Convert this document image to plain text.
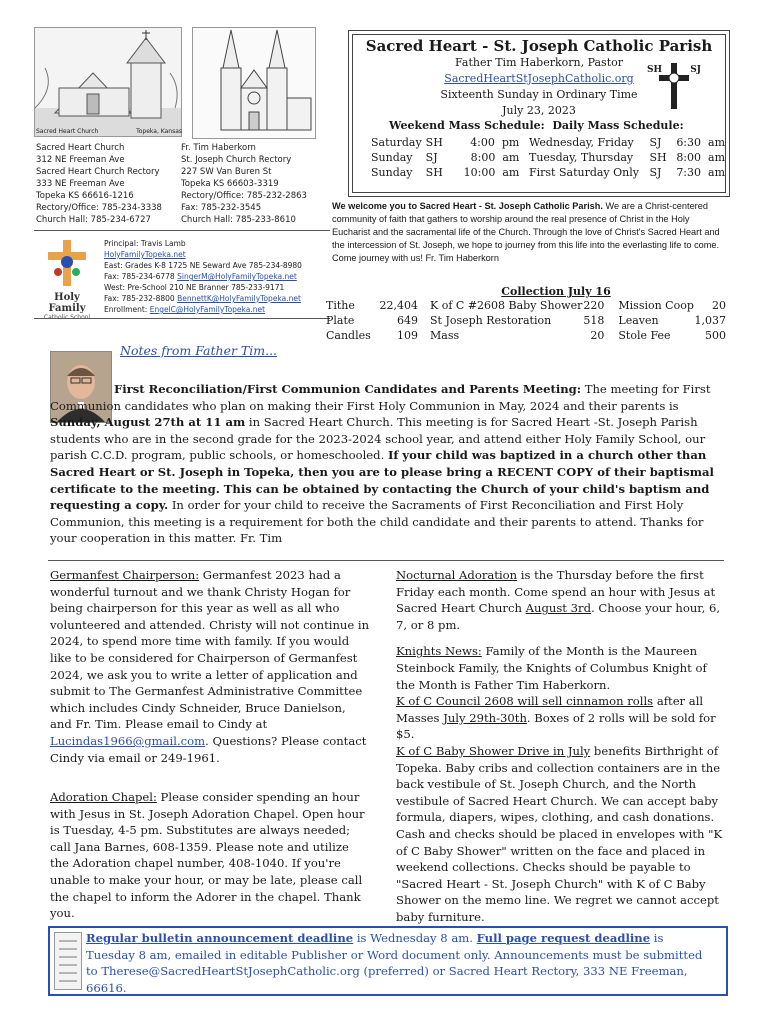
Sacred Heart Church	Topeka, Kansas
Sacred Heart Church
312 NE Freeman Ave
Sacred Heart Church Rectory
333 NE Freeman Ave
Topeka KS 66616-1216
Rectory/Office: 785-234-3338
Church Hall: 785-234-6727
Fr. Tim Haberkorn
St. Joseph Church Rectory
227 SW Van Buren St
Topeka KS 66603-3319
Rectory/Office: 785-232-2863
Fax: 785-232-3545
Church Hall: 785-233-8610
Holy Family
Catholic School
Principal: Travis Lamb
HolyFamilyTopeka.net
East: Grades K-8 1725 NE Seward Ave 785-234-8980
Fax: 785-234-6778 SingerM@HolyFamilyTopeka.net
West: Pre-School 210 NE Branner 785-233-9171
Fax: 785-232-8800 BennettK@HolyFamilyTopeka.net
Enrollment: EngelC@HolyFamilyTopeka.net
Sacred Heart - St. Joseph Catholic Parish
Father Tim Haberkorn, Pastor
SacredHeartStJosephCatholic.org
Sixteenth Sunday in Ordinary Time
July 23, 2023
SH	SJ
Weekend Mass Schedule:  Daily Mass Schedule:
Saturday	SH	4:00  pm
Sunday	SJ	8:00  am
Sunday	SH	10:00  am
Wednesday, Friday	SJ	6:30  am
Tuesday, Thursday	SH	8:00  am
First Saturday Only	SJ	7:30  am
We welcome you to Sacred Heart - St. Joseph Catholic Parish. We are a Christ-centered community of faith that gathers to worship around the real presence of Christ in the Holy Eucharist and the sacramental life of the Church. Through the love of Christ's Sacred Heart and the intercession of St. Joseph, we hope to journey from this life into the everlasting life to come. Come journey with us! Fr. Tim Haberkorn
Collection July 16
Tithe	22,404	K of C #2608 Baby Shower	220	Mission Coop	20
Plate	649	St Joseph Restoration	518	Leaven	1,037
Candles	109	Mass	20	Stole Fee	500
Notes from Father Tim...
First Reconciliation/First Communion Candidates and Parents Meeting: The meeting for First Communion candidates who plan on making their First Holy Communion in May, 2024 and their parents is Sunday, August 27th at 11 am in Sacred Heart Church. This meeting is for Sacred Heart -St. Joseph Parish students who are in the second grade for the 2023-2024 school year, and attend either Holy Family School, our parish C.C.D. program, public schools, or homeschooled. If your child was baptized in a church other than Sacred Heart or St. Joseph in Topeka, then you are to please bring a RECENT COPY of their baptismal certificate to the meeting. This can be obtained by contacting the Church of your child's baptism and requesting a copy. In order for your child to receive the Sacraments of First Reconciliation and First Holy Communion, this meeting is a requirement for both the child candidate and their parents to attend. Thanks for your cooperation in this matter. Fr. Tim
Germanfest Chairperson: Germanfest 2023 had a wonderful turnout and we thank Christy Hogan for being chairperson for this year as well as all who volunteered and attended. Christy will not continue in 2024, to spend more time with family. If you would like to be considered for Chairperson of Germanfest 2024, we ask you to write a letter of application and submit to The Germanfest Administrative Committee which includes Cindy Schneider, Bruce Danielson, and Fr. Tim. Please email to Cindy at Lucindas1966@gmail.com. Questions? Please contact Cindy via email or 249-1961.
Adoration Chapel: Please consider spending an hour with Jesus in St. Joseph Adoration Chapel. Open hour is Tuesday, 4-5 pm. Substitutes are always needed; call Jana Barnes, 608-1359. Please note and utilize the Adoration chapel number, 408-1040. If you're unable to make your hour, or may be late, please call the chapel to inform the Adorer in the chapel. Thank you.
Nocturnal Adoration is the Thursday before the first Friday each month. Come spend an hour with Jesus at Sacred Heart Church August 3rd. Choose your hour, 6, 7, or 8 pm.
Knights News: Family of the Month is the Maureen Steinbock Family, the Knights of Columbus Knight of the Month is Father Tim Haberkorn.
K of C Council 2608 will sell cinnamon rolls after all Masses July 29th-30th. Boxes of 2 rolls will be sold for $5.
K of C Baby Shower Drive in July benefits Birthright of Topeka. Baby cribs and collection containers are in the back vestibule of St. Joseph Church, and the North vestibule of Sacred Heart Church. We can accept baby formula, diapers, wipes, clothing, and cash donations. Cash and checks should be placed in envelopes with "K of C Baby Shower" written on the face and placed in weekend collections. Checks should be payable to "Sacred Heart - St. Joseph Church" with K of C Baby Shower on the memo line. We regret we cannot accept baby furniture.
Regular bulletin announcement deadline is Wednesday 8 am. Full page request deadline is Tuesday 8 am, emailed in editable Publisher or Word document only. Announcements must be submitted to Therese@SacredHeartStJosephCatholic.org (preferred) or Sacred Heart Rectory, 333 NE Freeman, 66616.
